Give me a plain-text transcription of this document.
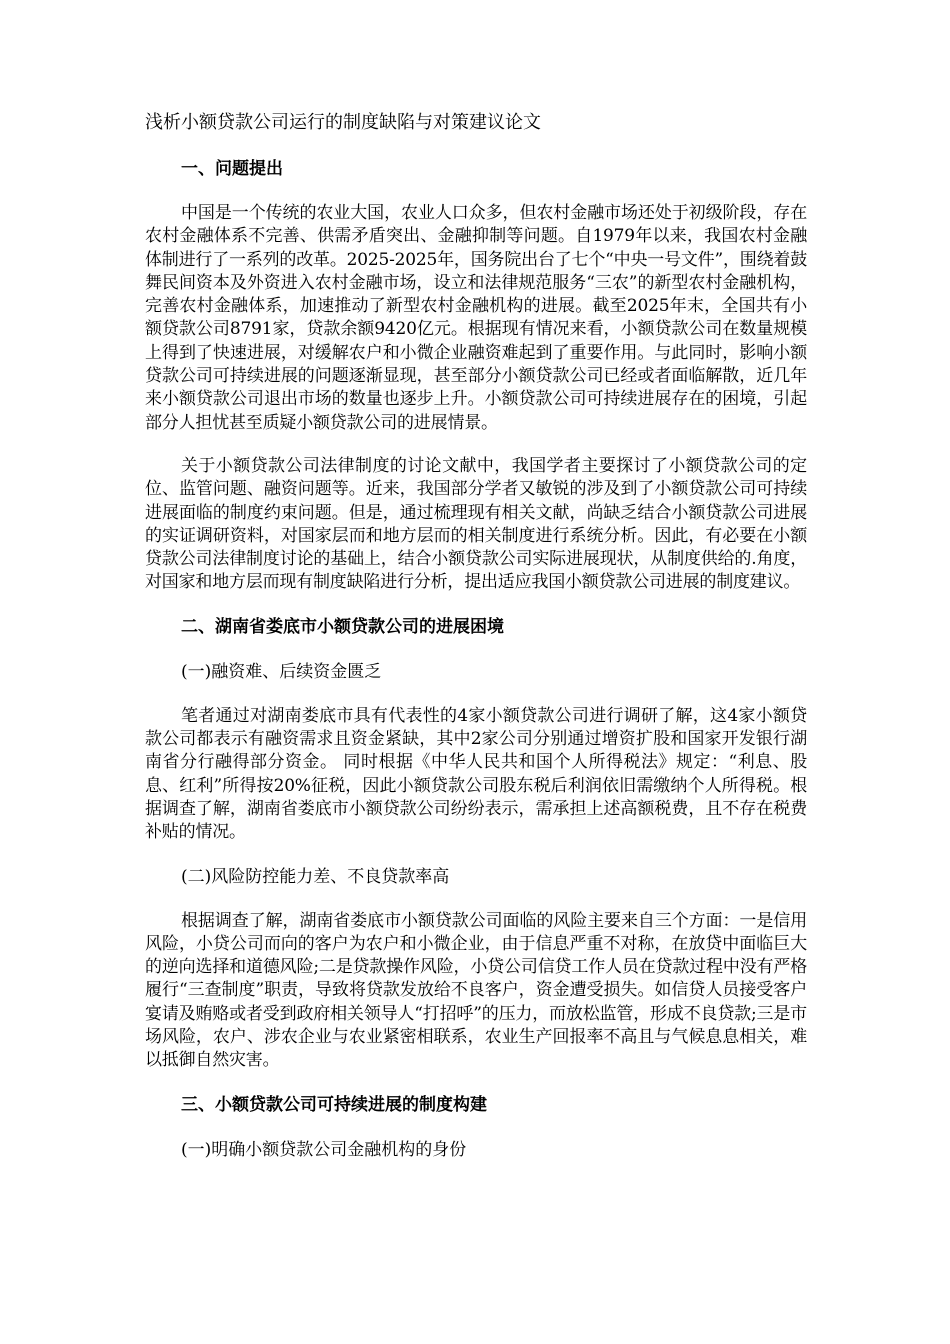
浅析小额贷款公司运行的制度缺陷与对策建议论文
一、问题提出

中国是一个传统的农业大国，农业人口众多，但农村金融市场还处于初级阶段，存在农村金融体系不完善、供需矛盾突出、金融抑制等问题。自1979年以来，我国农村金融体制进行了一系列的改革。2025-2025年，国务院出台了七个“中央一号文件”，围绕着鼓舞民间资本及外资进入农村金融市场，设立和法律规范服务“三农”的新型农村金融机构，完善农村金融体系，加速推动了新型农村金融机构的进展。截至2025年末，全国共有小额贷款公司8791家，贷款余额9420亿元。根据现有情况来看，小额贷款公司在数量规模上得到了快速进展，对缓解农户和小微企业融资难起到了重要作用。与此同时，影响小额贷款公司可持续进展的问题逐渐显现，甚至部分小额贷款公司已经或者面临解散，近几年来小额贷款公司退出市场的数量也逐步上升。小额贷款公司可持续进展存在的困境，引起部分人担忧甚至质疑小额贷款公司的进展情景。

关于小额贷款公司法律制度的讨论文献中，我国学者主要探讨了小额贷款公司的定位、监管问题、融资问题等。近来，我国部分学者又敏锐的涉及到了小额贷款公司可持续进展面临的制度约束问题。但是，通过梳理现有相关文献，尚缺乏结合小额贷款公司进展的实证调研资料，对国家层而和地方层而的相关制度进行系统分析。因此，有必要在小额贷款公司法律制度讨论的基础上，结合小额贷款公司实际进展现状，从制度供给的.角度，对国家和地方层而现有制度缺陷进行分析，提出适应我国小额贷款公司进展的制度建议。

二、湖南省娄底市小额贷款公司的进展困境
(一)融资难、后续资金匮乏

笔者通过对湖南娄底市具有代表性的4家小额贷款公司进行调研了解，这4家小额贷款公司都表示有融资需求且资金紧缺，其中2家公司分别通过增资扩股和国家开发银行湖南省分行融得部分资金。 同时根据《中华人民共和国个人所得税法》规定：“利息、股息、红利”所得按20%征税，因此小额贷款公司股东税后利润依旧需缴纳个人所得税。根据调查了解，湖南省娄底市小额贷款公司纷纷表示，需承担上述高额税费，且不存在税费补贴的情况。

(二)风险防控能力差、不良贷款率高

根据调查了解，湖南省娄底市小额贷款公司面临的风险主要来自三个方面：一是信用风险，小贷公司而向的客户为农户和小微企业，由于信息严重不对称，在放贷中面临巨大的逆向选择和道德风险;二是贷款操作风险，小贷公司信贷工作人员在贷款过程中没有严格履行“三查制度”职责，导致将贷款发放给不良客户，资金遭受损失。如信贷人员接受客户宴请及贿赂或者受到政府相关领导人“打招呼”的压力，而放松监管，形成不良贷款;三是市场风险，农户、涉农企业与农业紧密相联系，农业生产回报率不高且与气候息息相关，难以抵御自然灾害。

三、小额贷款公司可持续进展的制度构建
(一)明确小额贷款公司金融机构的身份
